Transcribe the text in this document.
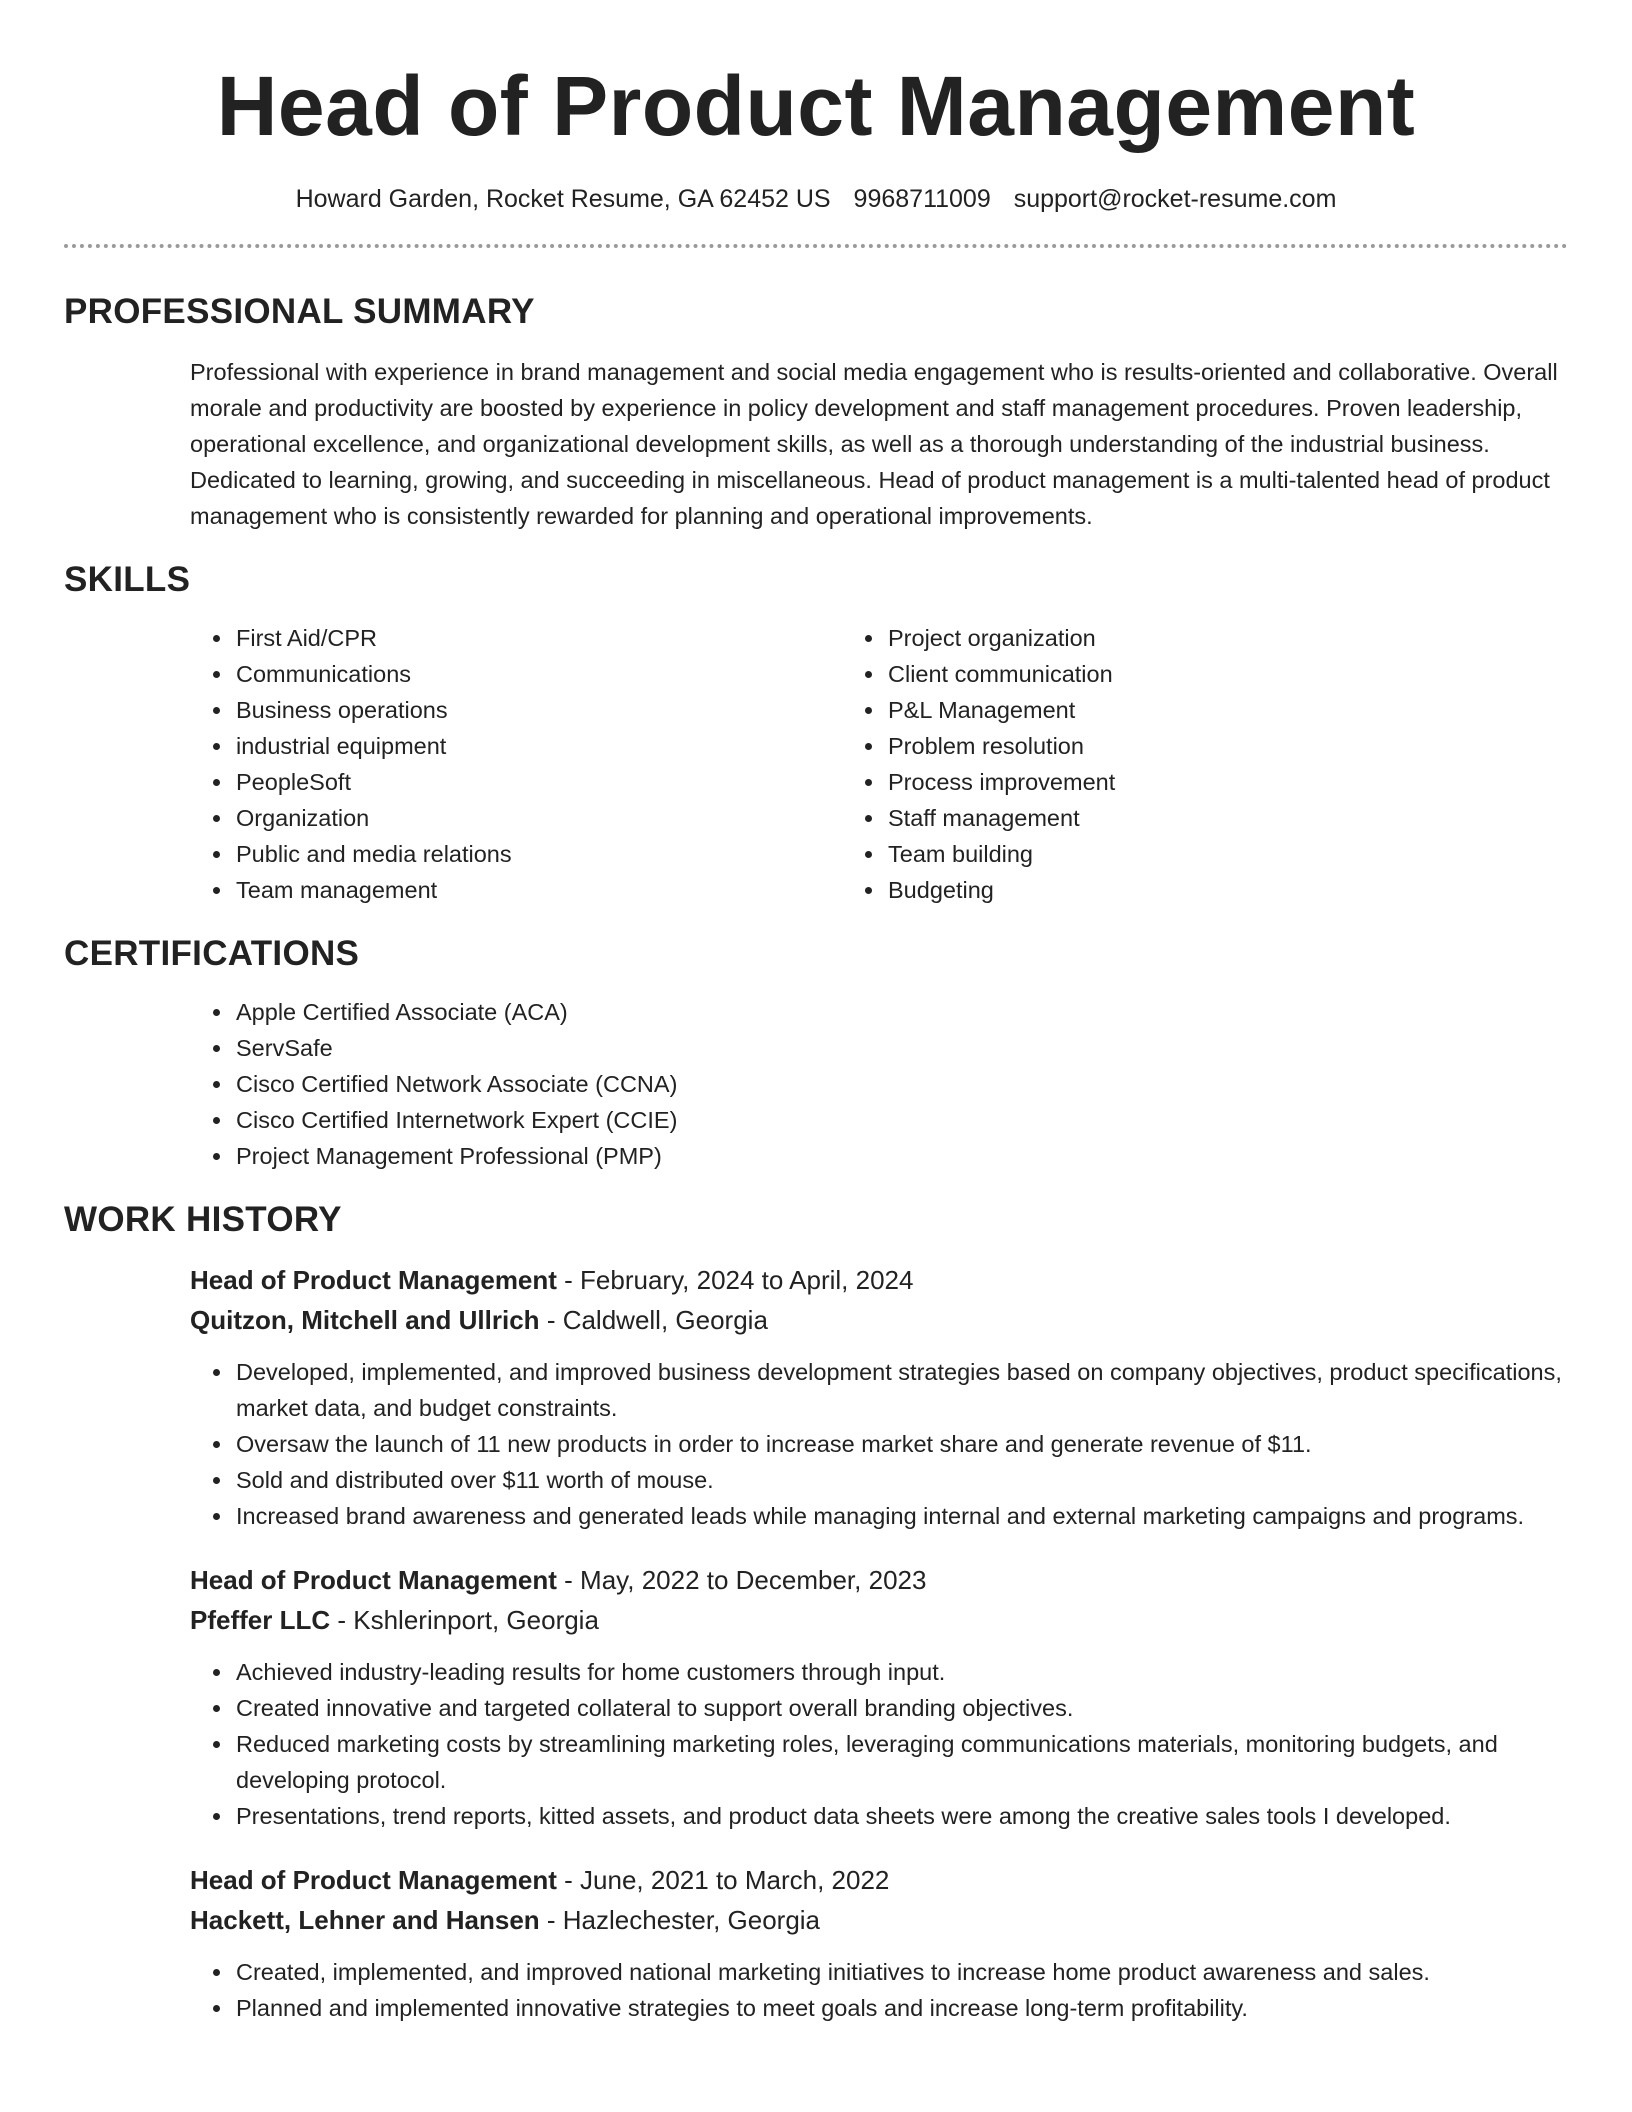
Head of Product Management
Howard Garden, Rocket Resume, GA 62452 US 9968711009 support@rocket-resume.com
PROFESSIONAL SUMMARY

Professional with experience in brand management and social media engagement who is results-oriented and collaborative. Overall morale and productivity are boosted by experience in policy development and staff management procedures. Proven leadership, operational excellence, and organizational development skills, as well as a thorough understanding of the industrial business. Dedicated to learning, growing, and succeeding in miscellaneous. Head of product management is a multi-talented head of product management who is consistently rewarded for planning and operational improvements.

SKILLS
• First Aid/CPR
• Communications
• Business operations
• industrial equipment
• PeopleSoft
• Organization
• Public and media relations
• Team management
• Project organization
• Client communication
• P&L Management
• Problem resolution
• Process improvement
• Staff management
• Team building
• Budgeting
CERTIFICATIONS
• Apple Certified Associate (ACA)
• ServSafe
• Cisco Certified Network Associate (CCNA)
• Cisco Certified Internetwork Expert (CCIE)
• Project Management Professional (PMP)
WORK HISTORY
Head of Product Management - February, 2024 to April, 2024
Quitzon, Mitchell and Ullrich - Caldwell, Georgia
• Developed, implemented, and improved business development strategies based on company objectives, product specifications, market data, and budget constraints.
• Oversaw the launch of 11 new products in order to increase market share and generate revenue of $11.
• Sold and distributed over $11 worth of mouse.
• Increased brand awareness and generated leads while managing internal and external marketing campaigns and programs.
Head of Product Management - May, 2022 to December, 2023
Pfeffer LLC - Kshlerinport, Georgia
• Achieved industry-leading results for home customers through input.
• Created innovative and targeted collateral to support overall branding objectives.
• Reduced marketing costs by streamlining marketing roles, leveraging communications materials, monitoring budgets, and developing protocol.
• Presentations, trend reports, kitted assets, and product data sheets were among the creative sales tools I developed.
Head of Product Management - June, 2021 to March, 2022
Hackett, Lehner and Hansen - Hazlechester, Georgia
• Created, implemented, and improved national marketing initiatives to increase home product awareness and sales.
• Planned and implemented innovative strategies to meet goals and increase long-term profitability.
